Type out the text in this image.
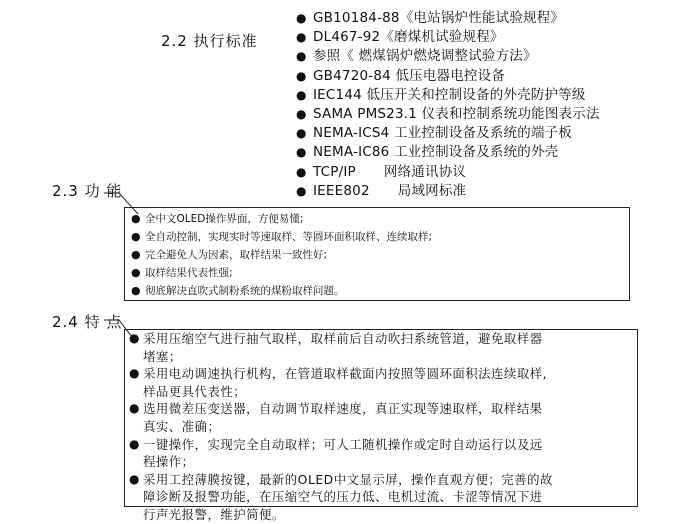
2.2 执行标准
● GB10184-88《电站锅炉性能试验规程》
● DL467-92《磨煤机试验规程》
● 参照《 燃煤锅炉燃烧调整试验方法》
● GB4720-84 低压电器电控设备
● IEC144 低压开关和控制设备的外壳防护等级
● SAMA PMS23.1 仪表和控制系统功能图表示法
● NEMA-ICS4 工业控制设备及系统的端子板
● NEMA-IC86 工业控制设备及系统的外壳
● TCP/IP 网络通讯协议
● IEEE802 局域网标准
2.3 功 能
● 全中文OLED操作界面，方便易懂;
● 全自动控制，实现实时等速取样、等圆环面积取样、连续取样;
● 完全避免人为因素，取样结果一致性好;
● 取样结果代表性强;
● 彻底解决直吹式制粉系统的煤粉取样问题。
2.4 特 点
● 采用压缩空气进行抽气取样，取样前后自动吹扫系统管道，避免取样器
堵塞；
● 采用电动调速执行机构，在管道取样截面内按照等圆环面积法连续取样,
样品更具代表性；
● 选用微差压变送器，自动调节取样速度，真正实现等速取样，取样结果
真实、准确；
● 一键操作，实现完全自动取样；可人工随机操作或定时自动运行以及远
程操作；
● 采用工控薄膜按键，最新的OLED中文显示屏，操作直观方便；完善的故
障诊断及报警功能，在压缩空气的压力低、电机过流、卡涩等情况下进
行声光报警，维护简便。
